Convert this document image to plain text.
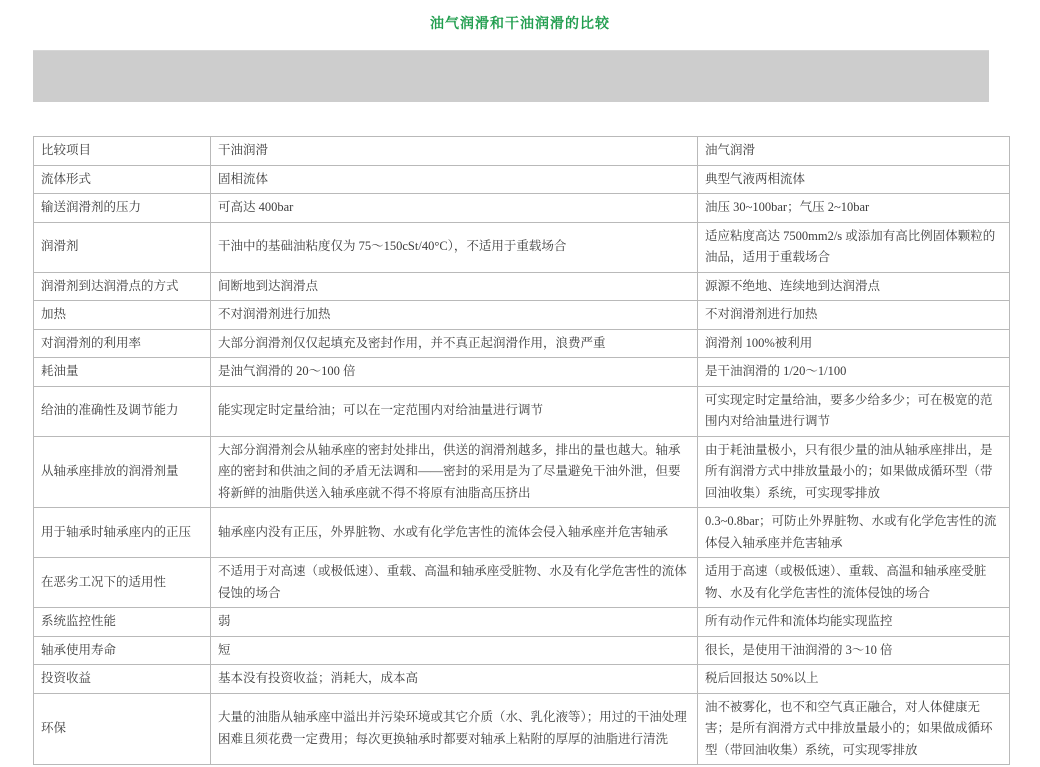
油气润滑和干油润滑的比较
比较项目	干油润滑	油气润滑
流体形式	固相流体	典型气液两相流体
输送润滑剂的压力	可高达 400bar	油压 30~100bar；气压 2~10bar
润滑剂	干油中的基础油粘度仅为 75～150cSt/40°C），不适用于重载场合	适应粘度高达 7500mm2/s 或添加有高比例固体颗粒的油品，适用于重载场合
润滑剂到达润滑点的方式	间断地到达润滑点	源源不绝地、连续地到达润滑点
加热	不对润滑剂进行加热	不对润滑剂进行加热
对润滑剂的利用率	大部分润滑剂仅仅起填充及密封作用，并不真正起润滑作用，浪费严重	润滑剂 100%被利用
耗油量	是油气润滑的 20～100 倍	是干油润滑的 1/20～1/100
给油的准确性及调节能力	能实现定时定量给油；可以在一定范围内对给油量进行调节	可实现定时定量给油，要多少给多少；可在极宽的范围内对给油量进行调节
从轴承座排放的润滑剂量	大部分润滑剂会从轴承座的密封处排出，供送的润滑剂越多，排出的量也越大。轴承座的密封和供油之间的矛盾无法调和——密封的采用是为了尽量避免干油外泄，但要将新鲜的油脂供送入轴承座就不得不将原有油脂高压挤出	由于耗油量极小，只有很少量的油从轴承座排出，是所有润滑方式中排放量最小的；如果做成循环型（带回油收集）系统，可实现零排放
用于轴承时轴承座内的正压	轴承座内没有正压，外界脏物、水或有化学危害性的流体会侵入轴承座并危害轴承	0.3~0.8bar；可防止外界脏物、水或有化学危害性的流体侵入轴承座并危害轴承
在恶劣工况下的适用性	不适用于对高速（或极低速）、重载、高温和轴承座受脏物、水及有化学危害性的流体侵蚀的场合	适用于高速（或极低速）、重载、高温和轴承座受脏物、水及有化学危害性的流体侵蚀的场合
系统监控性能	弱	所有动作元件和流体均能实现监控
轴承使用寿命	短	很长，是使用干油润滑的 3～10 倍
投资收益	基本没有投资收益；消耗大，成本高	税后回报达 50%以上
环保	大量的油脂从轴承座中溢出并污染环境或其它介质（水、乳化液等）；用过的干油处理困难且须花费一定费用；每次更换轴承时都要对轴承上粘附的厚厚的油脂进行清洗	油不被雾化，也不和空气真正融合，对人体健康无害；是所有润滑方式中排放量最小的；如果做成循环型（带回油收集）系统，可实现零排放
